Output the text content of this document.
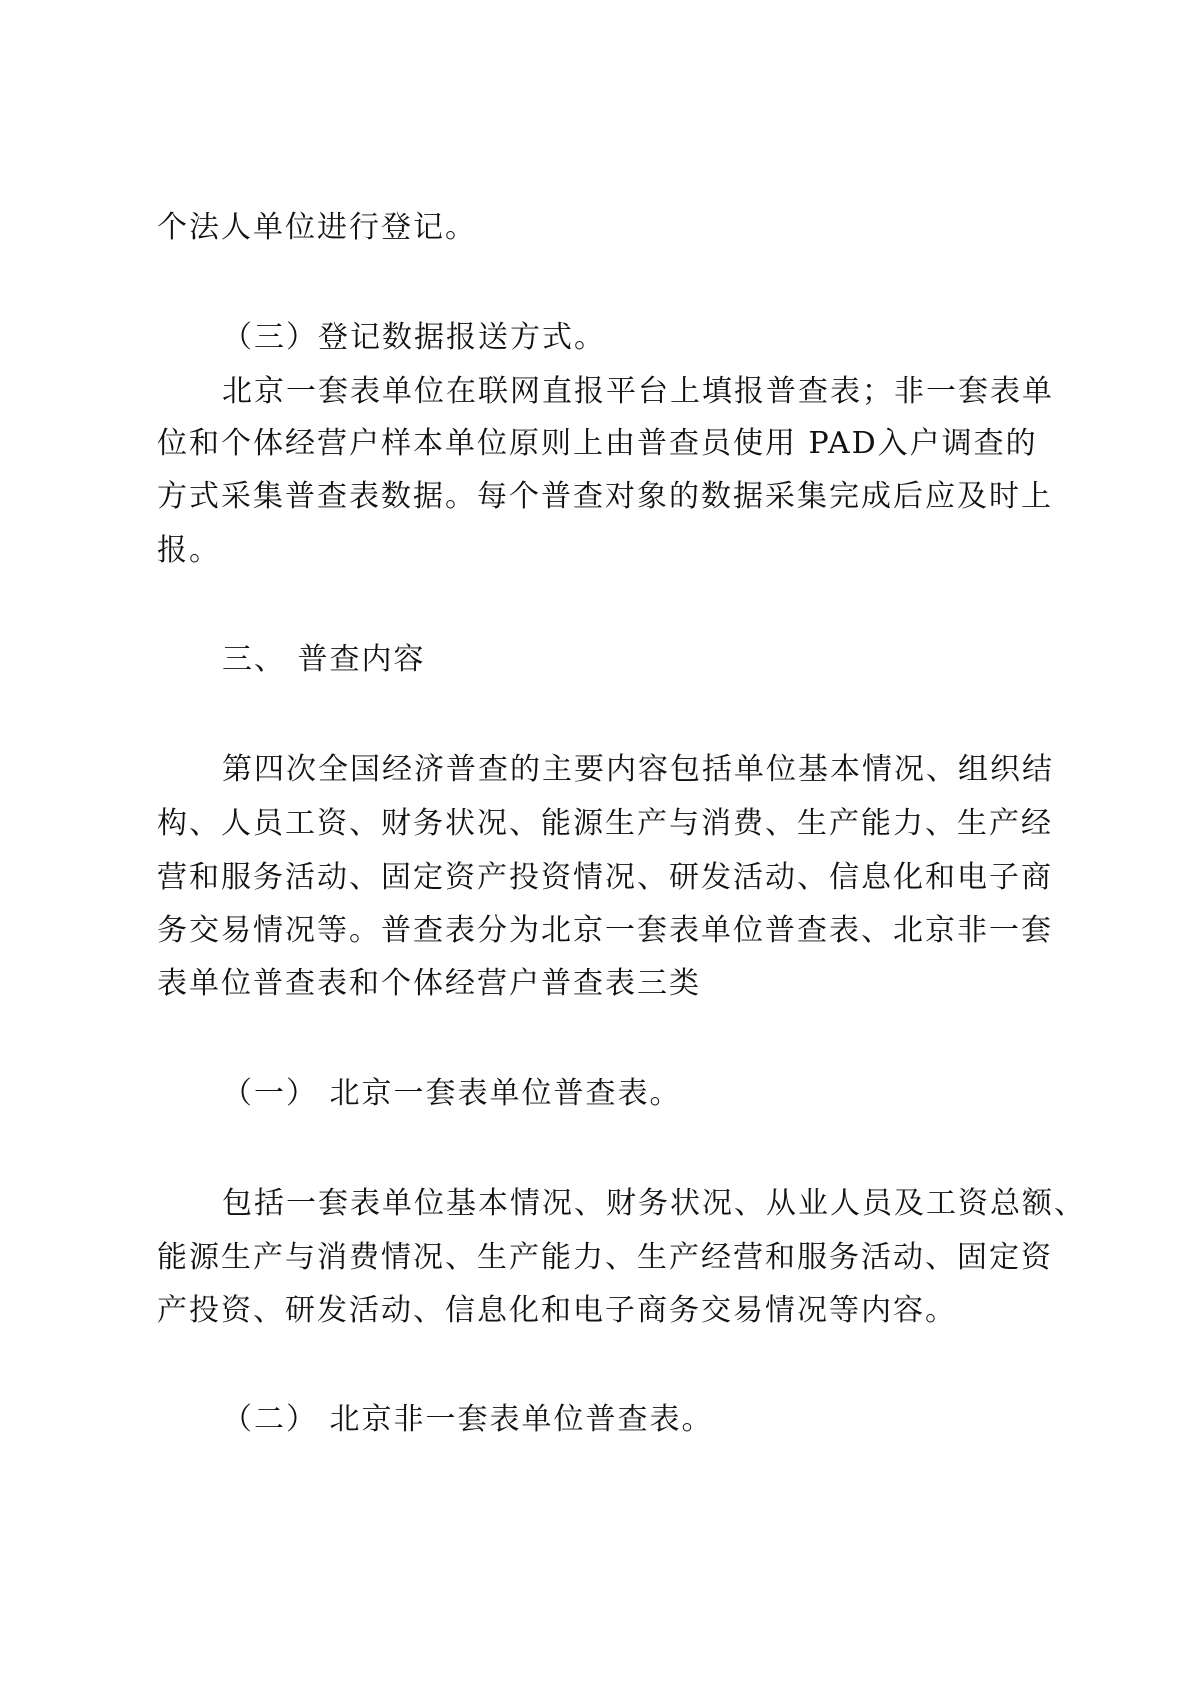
个法人单位进行登记。
（三）登记数据报送方式。
北京一套表单位在联网直报平台上填报普查表；非一套表单
位和个体经营户样本单位原则上由普查员使用 PAD入户调查的
方式采集普查表数据。每个普查对象的数据采集完成后应及时上
报。
三、 普查内容
第四次全国经济普查的主要内容包括单位基本情况、组织结
构、人员工资、财务状况、能源生产与消费、生产能力、生产经
营和服务活动、固定资产投资情况、研发活动、信息化和电子商
务交易情况等。普查表分为北京一套表单位普查表、北京非一套
表单位普查表和个体经营户普查表三类
（一） 北京一套表单位普查表。
包括一套表单位基本情况、财务状况、从业人员及工资总额、
能源生产与消费情况、生产能力、生产经营和服务活动、固定资
产投资、研发活动、信息化和电子商务交易情况等内容。
（二） 北京非一套表单位普查表。
